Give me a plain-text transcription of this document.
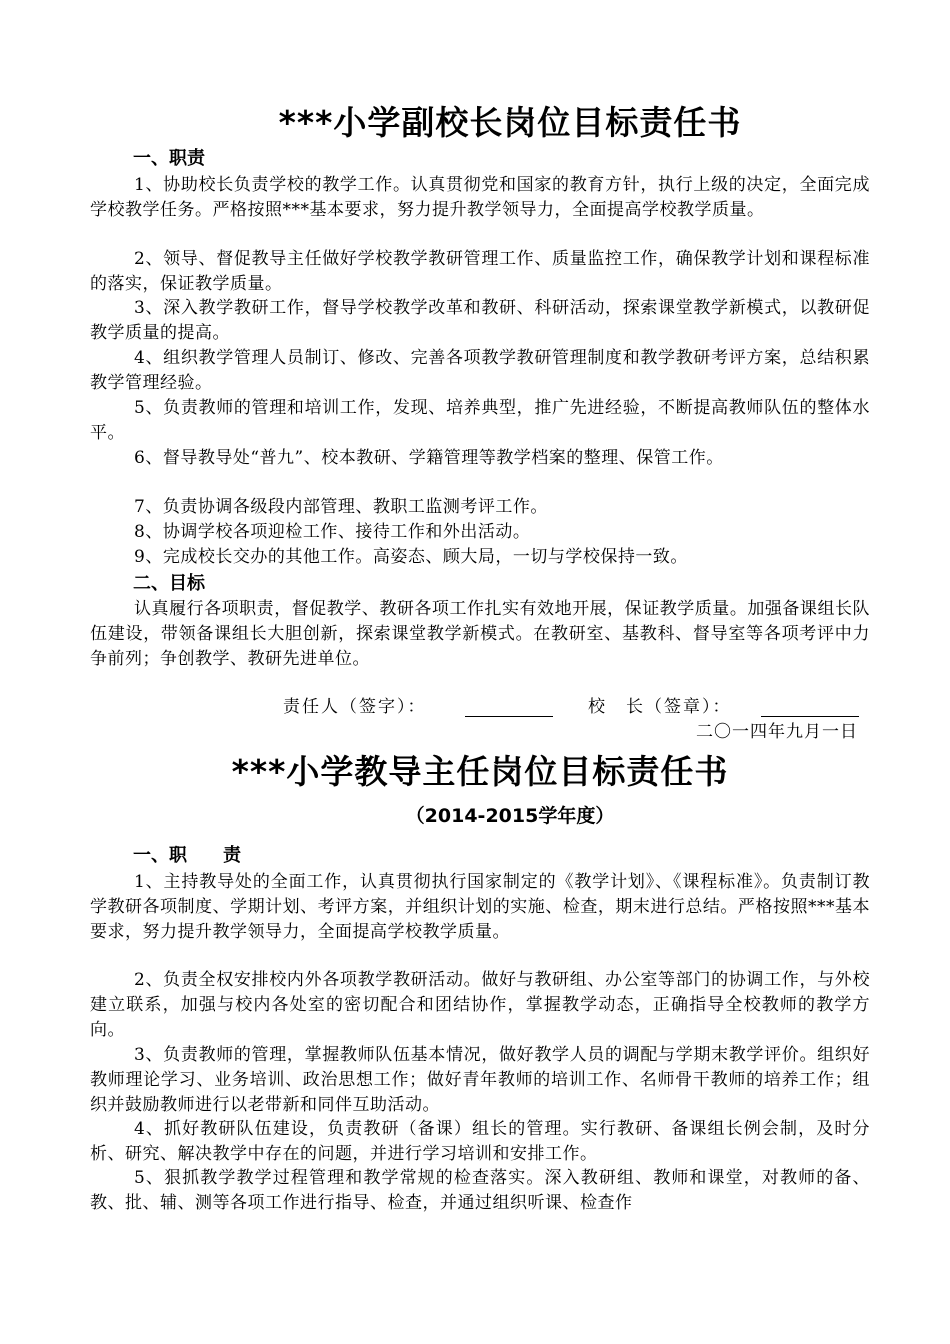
***小学副校长岗位目标责任书
一、职责

1、协助校长负责学校的教学工作。认真贯彻党和国家的教育方针，执行上级的决定，全面完成学校教学任务。严格按照***基本要求，努力提升教学领导力，全面提高学校教学质量。

2、领导、督促教导主任做好学校教学教研管理工作、质量监控工作，确保教学计划和课程标准的落实，保证教学质量。

3、深入教学教研工作，督导学校教学改革和教研、科研活动，探索课堂教学新模式，以教研促教学质量的提高。

4、组织教学管理人员制订、修改、完善各项教学教研管理制度和教学教研考评方案，总结积累教学管理经验。

5、负责教师的管理和培训工作，发现、培养典型，推广先进经验，不断提高教师队伍的整体水平。

6、督导教导处“普九”、校本教研、学籍管理等教学档案的整理、保管工作。

7、负责协调各级段内部管理、教职工监测考评工作。

8、协调学校各项迎检工作、接待工作和外出活动。

9、完成校长交办的其他工作。高姿态、顾大局，一切与学校保持一致。

二、目标

认真履行各项职责，督促教学、教研各项工作扎实有效地开展，保证教学质量。加强备课组长队伍建设，带领备课组长大胆创新，探索课堂教学新模式。在教研室、基教科、督导室等各项考评中力争前列；争创教学、教研先进单位。

责任人（签字）：	校　长（签章）：
二〇一四年九月一日
***小学教导主任岗位目标责任书
（2014-2015学年度）
一、职　　责

1、主持教导处的全面工作，认真贯彻执行国家制定的《教学计划》、《课程标准》。负责制订教学教研各项制度、学期计划、考评方案，并组织计划的实施、检查，期末进行总结。严格按照***基本要求，努力提升教学领导力，全面提高学校教学质量。

2、负责全权安排校内外各项教学教研活动。做好与教研组、办公室等部门的协调工作，与外校建立联系，加强与校内各处室的密切配合和团结协作，掌握教学动态，正确指导全校教师的教学方向。

3、负责教师的管理，掌握教师队伍基本情况，做好教学人员的调配与学期末教学评价。组织好教师理论学习、业务培训、政治思想工作；做好青年教师的培训工作、名师骨干教师的培养工作；组织并鼓励教师进行以老带新和同伴互助活动。

4、抓好教研队伍建设，负责教研（备课）组长的管理。实行教研、备课组长例会制，及时分析、研究、解决教学中存在的问题，并进行学习培训和安排工作。

5、狠抓教学教学过程管理和教学常规的检查落实。深入教研组、教师和课堂，对教师的备、教、批、辅、测等各项工作进行指导、检查，并通过组织听课、检查作
